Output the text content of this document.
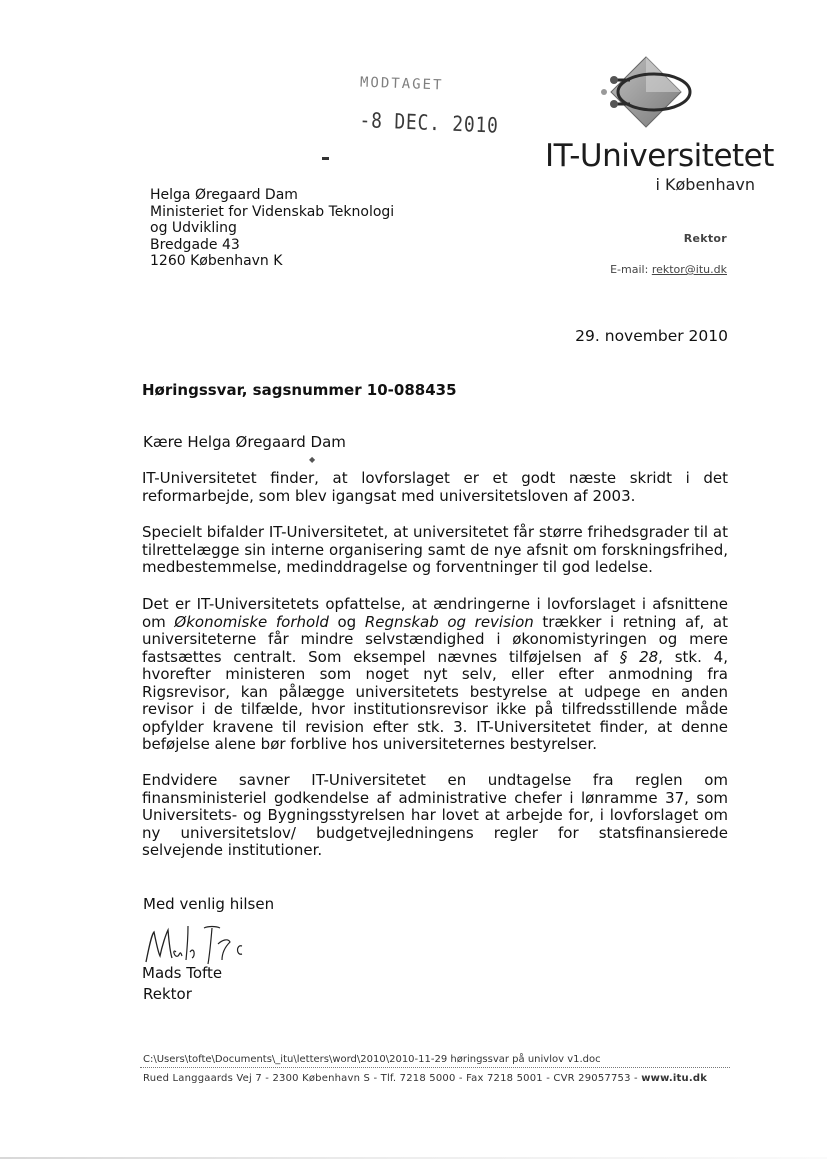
MODTAGET
-8 DEC. 2010
IT-Universitetet
i København
Rektor
E-mail: rektor@itu.dk
Helga Øregaard Dam
Ministeriet for Videnskab Teknologi
og Udvikling
Bredgade 43
1260 København K
29. november 2010
Høringssvar, sagsnummer 10-088435
Kære Helga Øregaard Dam
◆
IT-Universitetet finder, at lovforslaget er et godt næste skridt i det reformarbejde, som blev igangsat med universitetsloven af 2003.
Specielt bifalder IT-Universitetet, at universitetet får større frihedsgrader til at tilrettelægge sin interne organisering samt de nye afsnit om forskningsfrihed, medbestemmelse, medinddragelse og forventninger til god ledelse.
Det er IT-Universitetets opfattelse, at ændringerne i lovforslaget i afsnittene om Økonomiske forhold og Regnskab og revision trækker i retning af, at universiteterne får mindre selvstændighed i økonomistyringen og mere fastsættes centralt. Som eksempel nævnes tilføjelsen af § 28, stk. 4, hvorefter ministeren som noget nyt selv, eller efter anmodning fra Rigsrevisor, kan pålægge universitetets bestyrelse at udpege en anden revisor i de tilfælde, hvor institutionsrevisor ikke på tilfredsstillende måde opfylder kravene til revision efter stk. 3. IT-Universitetet finder, at denne beføjelse alene bør forblive hos universiteternes bestyrelser.
Endvidere savner IT-Universitetet en undtagelse fra reglen om finansministeriel godkendelse af administrative chefer i lønramme 37, som Universitets- og Bygningsstyrelsen har lovet at arbejde for, i lovforslaget om ny universitetslov/ budgetvejledningens regler for statsfinansierede selvejende institutioner.
Med venlig hilsen
Mads Tofte
Rektor
C:\Users\tofte\Documents\_itu\letters\word\2010\2010-11-29 høringssvar på univlov v1.doc
Rued Langgaards Vej 7 - 2300 København S - Tlf. 7218 5000 - Fax 7218 5001 - CVR 29057753 - www.itu.dk
